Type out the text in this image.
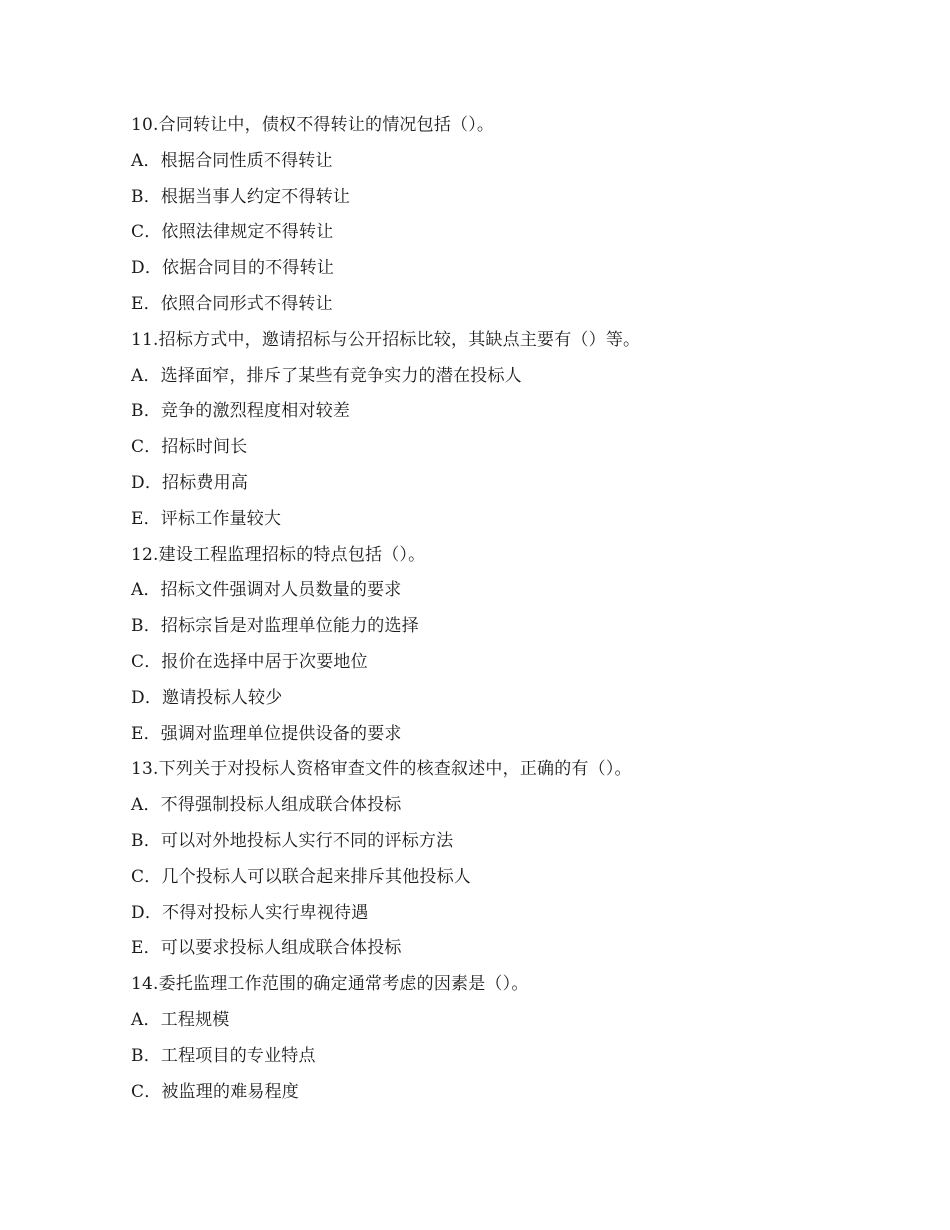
10.合同转让中，债权不得转让的情况包括（）。
A．根据合同性质不得转让
B．根据当事人约定不得转让
C．依照法律规定不得转让
D．依据合同目的不得转让
E．依照合同形式不得转让
11.招标方式中，邀请招标与公开招标比较，其缺点主要有（）等。
A．选择面窄，排斥了某些有竞争实力的潜在投标人
B．竞争的激烈程度相对较差
C．招标时间长
D．招标费用高
E．评标工作量较大
12.建设工程监理招标的特点包括（）。
A．招标文件强调对人员数量的要求
B．招标宗旨是对监理单位能力的选择
C．报价在选择中居于次要地位
D．邀请投标人较少
E．强调对监理单位提供设备的要求
13.下列关于对投标人资格审查文件的核查叙述中，正确的有（）。
A．不得强制投标人组成联合体投标
B．可以对外地投标人实行不同的评标方法
C．几个投标人可以联合起来排斥其他投标人
D．不得对投标人实行卑视待遇
E．可以要求投标人组成联合体投标
14.委托监理工作范围的确定通常考虑的因素是（）。
A．工程规模
B．工程项目的专业特点
C．被监理的难易程度
